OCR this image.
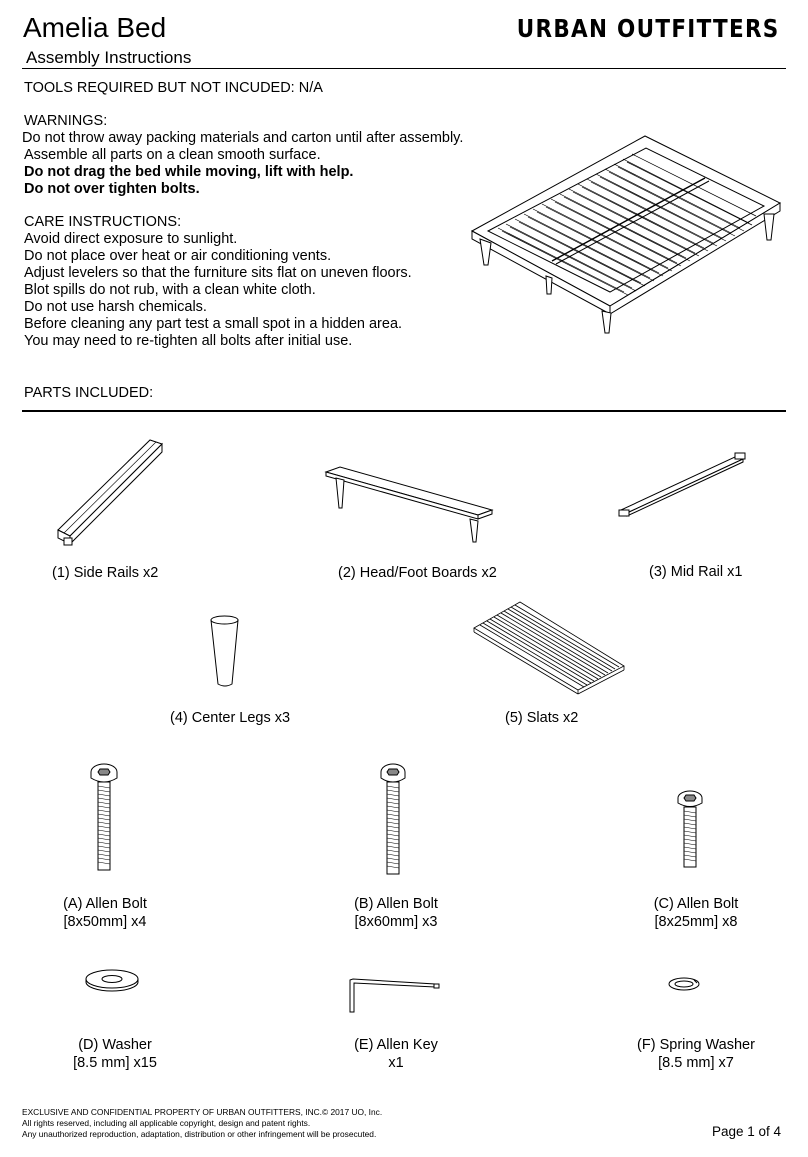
Amelia Bed
Assembly Instructions
URBAN OUTFITTERS
TOOLS REQUIRED BUT NOT INCUDED: N/A
WARNINGS:
Do not throw away packing materials and carton until after assembly.
Assemble all parts on a clean smooth surface.
Do not drag the bed while moving, lift with help.
Do not over tighten bolts.
CARE INSTRUCTIONS:
Avoid direct exposure to sunlight.
Do not place over heat or air conditioning vents.
Adjust levelers so that the furniture sits flat on uneven floors.
Blot spills do not rub, with a clean white cloth.
Do not use harsh chemicals.
Before cleaning any part test a small spot in a hidden area.
You may need to re-tighten all bolts after initial use.
PARTS INCLUDED:
(1) Side Rails x2	(2) Head/Foot Boards x2	(3) Mid Rail x1
(4) Center Legs x3	(5) Slats x2
(A) Allen Bolt
[8x50mm] x4
(B) Allen Bolt
[8x60mm] x3
(C) Allen Bolt
[8x25mm] x8
(D) Washer
[8.5 mm] x15
(E) Allen Key
x1
(F) Spring Washer
[8.5 mm] x7
EXCLUSIVE AND CONFIDENTIAL PROPERTY OF URBAN OUTFITTERS, INC.© 2017 UO, Inc.
All rights reserved, including all applicable copyright, design and patent rights.
Any unauthorized reproduction, adaptation, distribution or other infringement will be prosecuted.	Page 1 of 4
